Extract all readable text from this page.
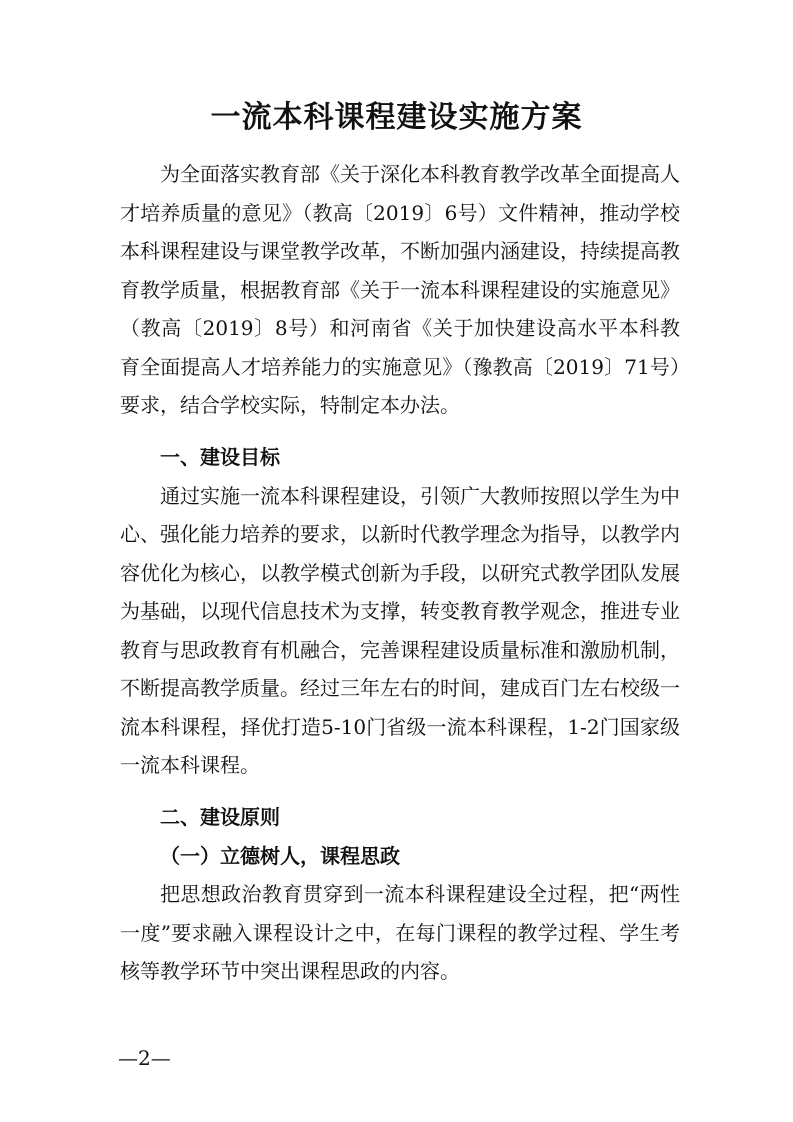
一流本科课程建设实施方案

为全面落实教育部《关于深化本科教育教学改革全面提高人才培养质量的意见》（教高〔2019〕6号）文件精神，推动学校本科课程建设与课堂教学改革，不断加强内涵建设，持续提高教育教学质量，根据教育部《关于一流本科课程建设的实施意见》（教高〔2019〕8号）和河南省《关于加快建设高水平本科教育全面提高人才培养能力的实施意见》（豫教高〔2019〕71号）要求，结合学校实际，特制定本办法。

一、建设目标

通过实施一流本科课程建设，引领广大教师按照以学生为中心、强化能力培养的要求，以新时代教学理念为指导，以教学内容优化为核心，以教学模式创新为手段，以研究式教学团队发展为基础，以现代信息技术为支撑，转变教育教学观念，推进专业教育与思政教育有机融合，完善课程建设质量标准和激励机制，不断提高教学质量。经过三年左右的时间，建成百门左右校级一流本科课程，择优打造5-10门省级一流本科课程，1-2门国家级一流本科课程。

二、建设原则

（一）立德树人，课程思政

把思想政治教育贯穿到一流本科课程建设全过程，把“两性一度”要求融入课程设计之中，在每门课程的教学过程、学生考核等教学环节中突出课程思政的内容。

—2—
